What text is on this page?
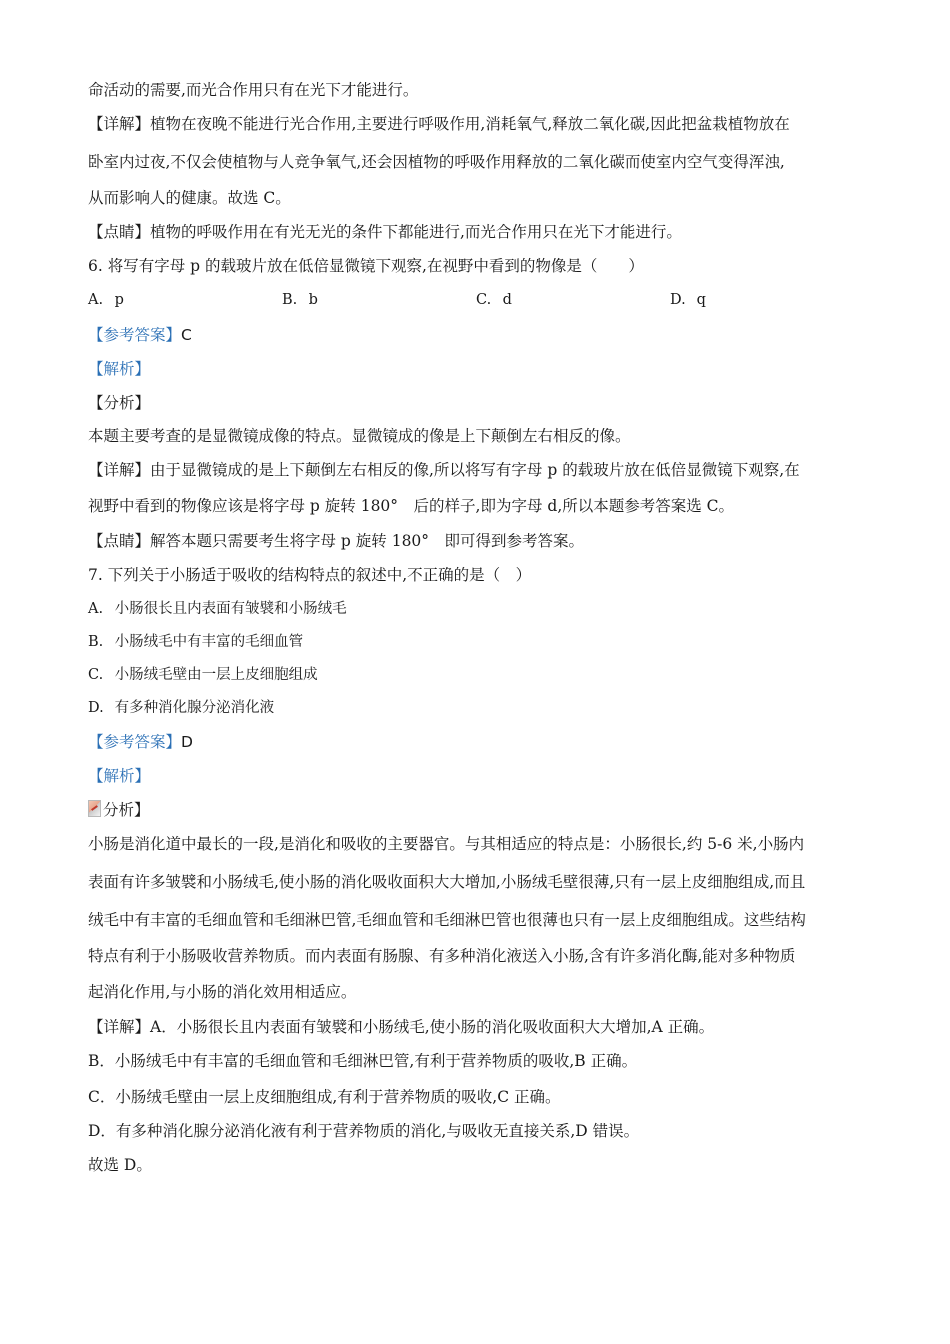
命活动的需要,而光合作用只有在光下才能进行。
【详解】植物在夜晚不能进行光合作用,主要进行呼吸作用,消耗氧气,释放二氧化碳,因此把盆栽植物放在
卧室内过夜,不仅会使植物与人竞争氧气,还会因植物的呼吸作用释放的二氧化碳而使室内空气变得浑浊,
从而影响人的健康。故选 C。
【点睛】植物的呼吸作用在有光无光的条件下都能进行,而光合作用只在光下才能进行。
6. 将写有字母 p 的载玻片放在低倍显微镜下观察,在视野中看到的物像是（　　）
A. p	B. b	C. d	D. q
【参考答案】C
【解析】
【分析】
本题主要考查的是显微镜成像的特点。显微镜成的像是上下颠倒左右相反的像。
【详解】由于显微镜成的是上下颠倒左右相反的像,所以将写有字母 p 的载玻片放在低倍显微镜下观察,在
视野中看到的物像应该是将字母 p 旋转 180°　后的样子,即为字母 d,所以本题参考答案选 C。
【点睛】解答本题只需要考生将字母 p 旋转 180°　即可得到参考答案。
7. 下列关于小肠适于吸收的结构特点的叙述中,不正确的是（　）
A. 小肠很长且内表面有皱襞和小肠绒毛
B. 小肠绒毛中有丰富的毛细血管
C. 小肠绒毛壁由一层上皮细胞组成
D. 有多种消化腺分泌消化液
【参考答案】D
【解析】
分析】
小肠是消化道中最长的一段,是消化和吸收的主要器官。与其相适应的特点是：小肠很长,约 5-6 米,小肠内
表面有许多皱襞和小肠绒毛,使小肠的消化吸收面积大大增加,小肠绒毛壁很薄,只有一层上皮细胞组成,而且
绒毛中有丰富的毛细血管和毛细淋巴管,毛细血管和毛细淋巴管也很薄也只有一层上皮细胞组成。这些结构
特点有利于小肠吸收营养物质。而内表面有肠腺、有多种消化液送入小肠,含有许多消化酶,能对多种物质
起消化作用,与小肠的消化效用相适应。
【详解】A．小肠很长且内表面有皱襞和小肠绒毛,使小肠的消化吸收面积大大增加,A 正确。
B．小肠绒毛中有丰富的毛细血管和毛细淋巴管,有利于营养物质的吸收,B 正确。
C．小肠绒毛壁由一层上皮细胞组成,有利于营养物质的吸收,C 正确。
D．有多种消化腺分泌消化液有利于营养物质的消化,与吸收无直接关系,D 错误。
故选 D。
